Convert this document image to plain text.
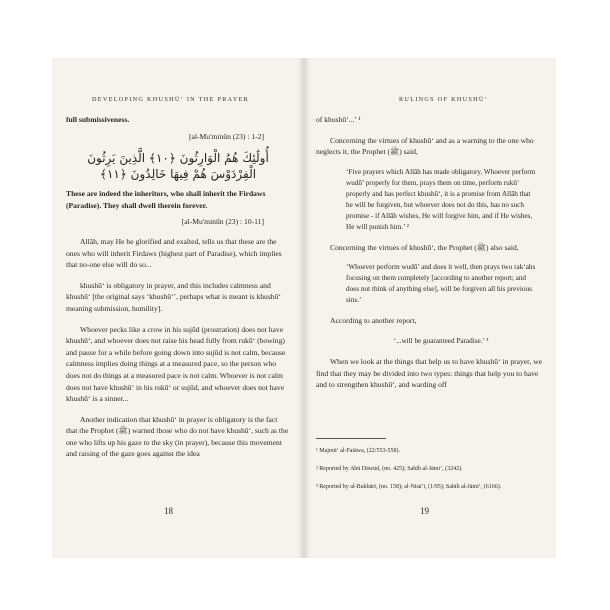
DEVELOPING KHUSHŪ‘ IN THE PRAYER

full submissiveness.

[al-Mu'minūn (23) : 1-2]

أُولَٰئِكَ هُمُ الْوَارِثُونَ ﴿١٠﴾ الَّذِينَ يَرِثُونَ الْفِرْدَوْسَ هُمْ فِيهَا خَالِدُونَ ﴿١١﴾

These are indeed the inheritors, who shall inherit the Firdaws (Paradise). They shall dwell therein forever.

[al-Mu'minūn (23) : 10-11]

Allāh, may He be glorified and exalted, tells us that these are the ones who will inherit Firdaws (highest part of Paradise), which implies that no-one else will do so...

khushū‘ is obligatory in prayer, and this includes calmness and khushū‘ [the original says ‘khushū‘’, perhaps what is meant is khushū‘ meaning submission, humility].

Whoever pecks like a crow in his sujūd (prostration) does not have khushū‘, and whoever does not raise his head fully from rukū‘ (bowing) and pause for a while before going down into sujūd is not calm, because calmness implies doing things at a measured pace, so the person who does not do things at a measured pace is not calm. Whoever is not calm does not have khushū‘ in his rukū‘ or sujūd, and whoever does not have khushū‘ is a sinner...

Another indication that khushū‘ in prayer is obligatory is the fact that the Prophet (ﷺ) warned those who do not have khushū‘, such as the one who lifts up his gaze to the sky (in prayer), because this movement and raising of the gaze goes against the idea

18
RULINGS OF KHUSHŪ‘

of khushū‘...’ ¹

Concerning the virtues of khushū‘ and as a warning to the one who neglects it, the Prophet (ﷺ) said,

‘Five prayers which Allāh has made obligatory. Whoever perform wudū’ properly for them, prays them on time, perform rukū‘ properly and has perfect khushū‘, it is a promise from Allāh that he will be forgiven, but whoever does not do this, has no such promise - if Allāh wishes, He will forgive him, and if He wishes, He will punish him.’ ²

Concerning the virtues of khushū‘, the Prophet (ﷺ) also said,

‘Whoever perform wudū’ and does it well, then prays two rak‘ahs focusing on them completely [according to another report; and does not think of anything else], will be forgiven all his previous sins.’

According to another report,

‘...will be guaranteed Paradise.’ ³

When we look at the things that help us to have khushū‘ in prayer, we find that they may be divided into two types: things that help you to have and to strengthen khushū‘, and warding off

¹ Majmū‘ al-Fatāwa, (22/553-558).

² Reported by Abū Dāwūd, (no. 425); Sahīh al-Jāmi‘, (3242).

³ Reported by al-Bukhārī, (no. 158); al-Nisā’i, (1/95); Sahīh al-Jāmi‘, (6166).

19
